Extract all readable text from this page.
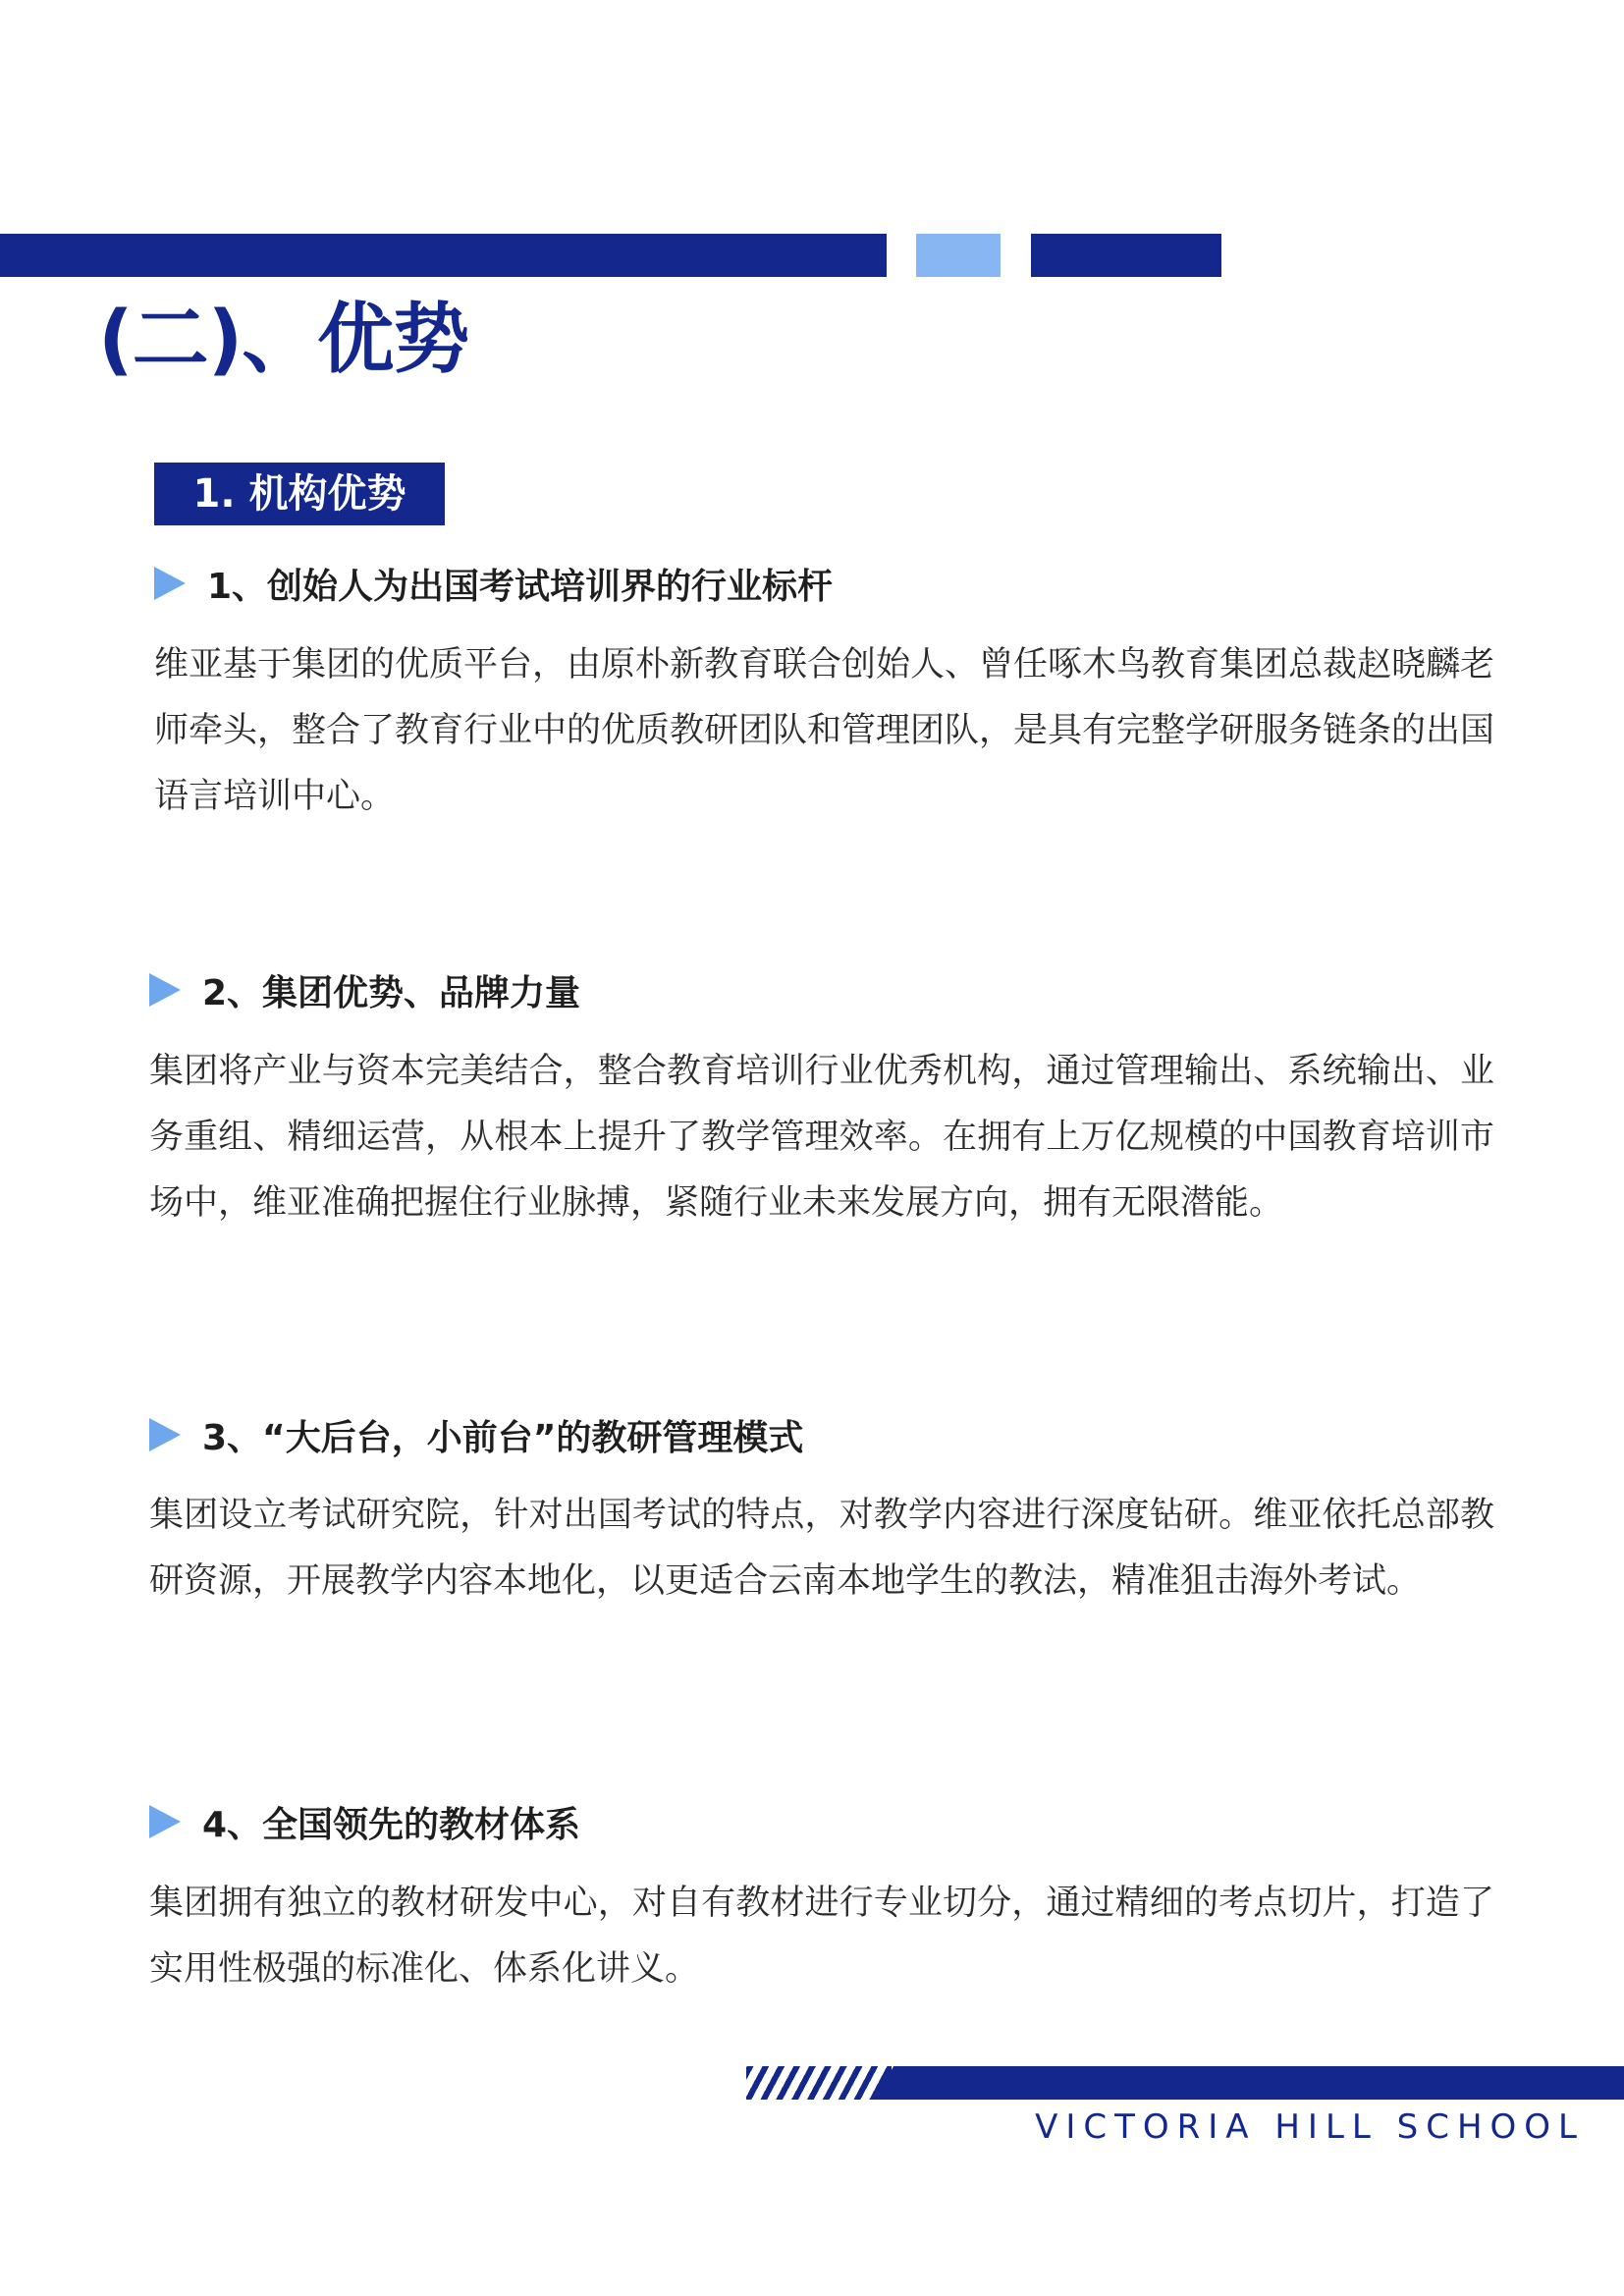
(二)、优势
1. 机构优势
1、创始人为出国考试培训界的行业标杆

维亚基于集团的优质平台，由原朴新教育联合创始人、曾任啄木鸟教育集团总裁赵晓麟老师牵头，整合了教育行业中的优质教研团队和管理团队，是具有完整学研服务链条的出国语言培训中心。

2、集团优势、品牌力量

集团将产业与资本完美结合，整合教育培训行业优秀机构，通过管理输出、系统输出、业务重组、精细运营，从根本上提升了教学管理效率。在拥有上万亿规模的中国教育培训市场中，维亚准确把握住行业脉搏，紧随行业未来发展方向，拥有无限潜能。

3、“大后台，小前台”的教研管理模式

集团设立考试研究院，针对出国考试的特点，对教学内容进行深度钻研。维亚依托总部教研资源，开展教学内容本地化，以更适合云南本地学生的教法，精准狙击海外考试。

4、全国领先的教材体系

集团拥有独立的教材研发中心，对自有教材进行专业切分，通过精细的考点切片，打造了实用性极强的标准化、体系化讲义。

VICTORIA HILL SCHOOL
